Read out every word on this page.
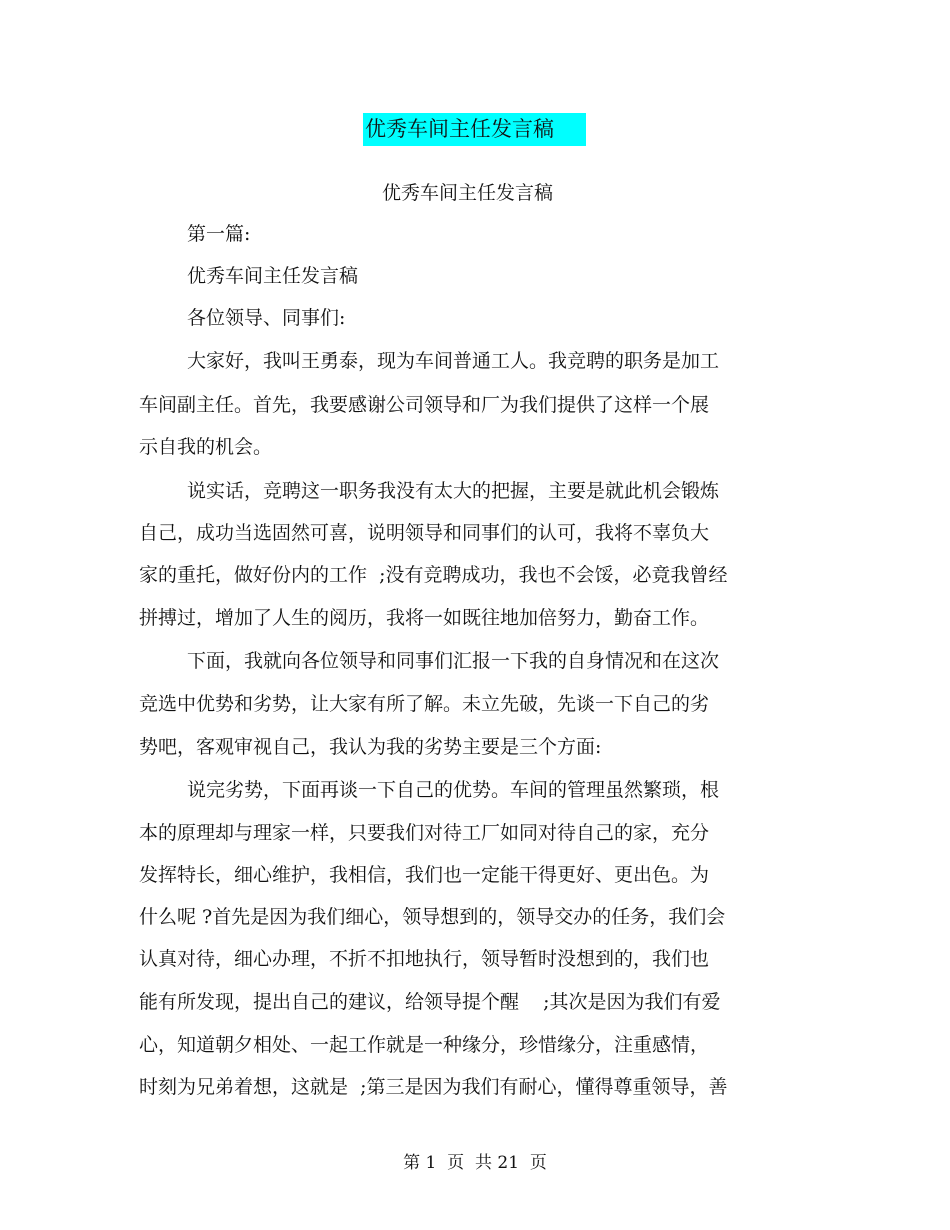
优秀车间主任发言稿
优秀车间主任发言稿
第一篇:
优秀车间主任发言稿
各位领导、同事们:
大家好，我叫王勇泰，现为车间普通工人。我竞聘的职务是加工
车间副主任。首先，我要感谢公司领导和厂为我们提供了这样一个展
示自我的机会。
说实话，竞聘这一职务我没有太大的把握，主要是就此机会锻炼
自己，成功当选固然可喜，说明领导和同事们的认可，我将不辜负大
家的重托，做好份内的工作  ;没有竞聘成功，我也不会馁，必竟我曾经
拼搏过，增加了人生的阅历，我将一如既往地加倍努力，勤奋工作。
下面，我就向各位领导和同事们汇报一下我的自身情况和在这次
竞选中优势和劣势，让大家有所了解。未立先破，先谈一下自己的劣
势吧，客观审视自己，我认为我的劣势主要是三个方面:
说完劣势，下面再谈一下自己的优势。车间的管理虽然繁琐，根
本的原理却与理家一样，只要我们对待工厂如同对待自己的家，充分
发挥特长，细心维护，我相信，我们也一定能干得更好、更出色。为
什么呢 ?首先是因为我们细心，领导想到的，领导交办的任务，我们会
认真对待，细心办理，不折不扣地执行，领导暂时没想到的，我们也
能有所发现，提出自己的建议，给领导提个醒    ;其次是因为我们有爱
心，知道朝夕相处、一起工作就是一种缘分，珍惜缘分，注重感情，
时刻为兄弟着想，这就是  ;第三是因为我们有耐心，懂得尊重领导，善
第 1  页  共 21  页
